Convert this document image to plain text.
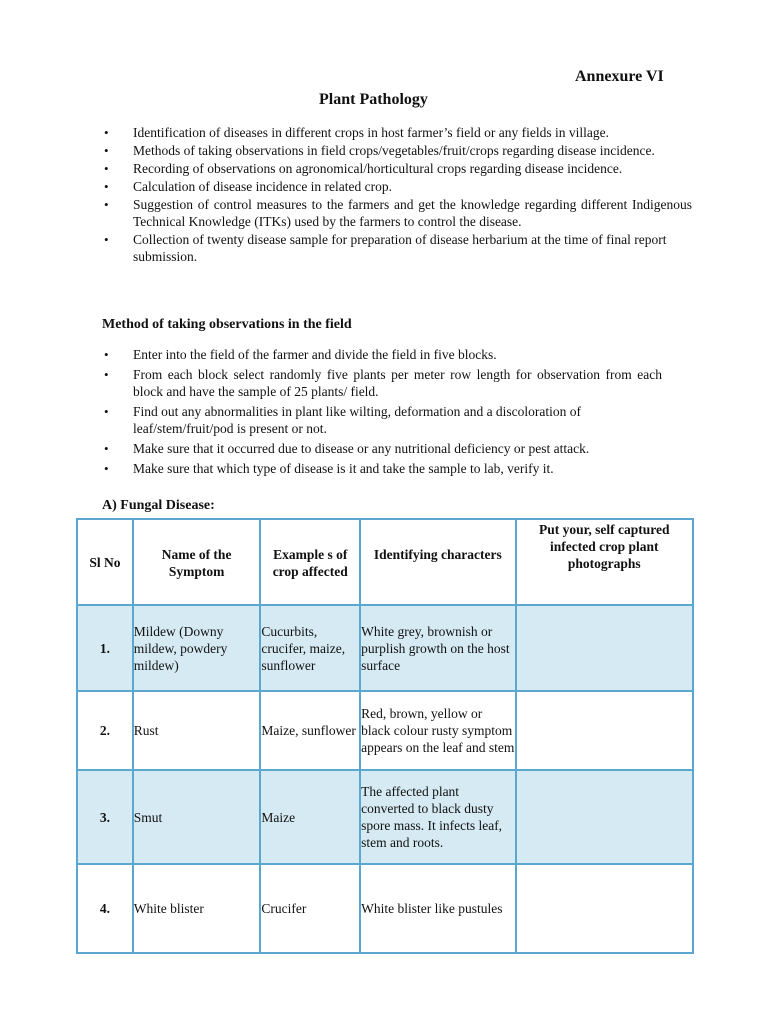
Annexure VI
Plant Pathology
• Identification of diseases in different crops in host farmer’s field or any fields in village.
• Methods of taking observations in field crops/vegetables/fruit/crops regarding disease incidence.
• Recording of observations on agronomical/horticultural crops regarding disease incidence.
• Calculation of disease incidence in related crop.
• Suggestion of control measures to the farmers and get the knowledge regarding different Indigenous Technical Knowledge (ITKs) used by the farmers to control the disease.
• Collection of twenty disease sample for preparation of disease herbarium at the time of final report submission.
Method of taking observations in the field
• Enter into the field of the farmer and divide the field in five blocks.
• From each block select randomly five plants per meter row length for observation from each block and have the sample of 25 plants/ field.
• Find out any abnormalities in plant like wilting, deformation and a discoloration of leaf/stem/fruit/pod is present or not.
• Make sure that it occurred due to disease or any nutritional deficiency or pest attack.
• Make sure that which type of disease is it and take the sample to lab, verify it.
A) Fungal Disease:
Sl No	Name of the Symptom	Example s of crop affected	Identifying characters	Put your, self captured infected crop plant photographs

1.	Mildew (Downy mildew, powdery mildew)	Cucurbits, crucifer, maize, sunflower	White grey, brownish or purplish growth on the host surface	
2.	Rust	Maize, sunflower	Red, brown, yellow or black colour rusty symptom appears on the leaf and stem	
3.	Smut	Maize	The affected plant converted to black dusty spore mass. It infects leaf, stem and roots.	
4.	White blister	Crucifer	White blister like pustules	
